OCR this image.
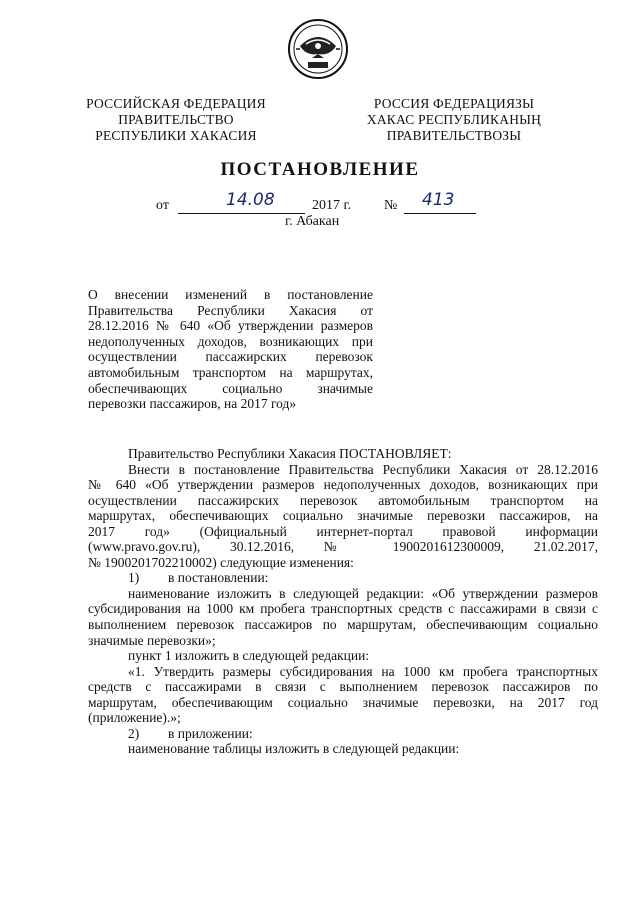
РОССИЙСКАЯ ФЕДЕРАЦИЯ
ПРАВИТЕЛЬСТВО
РЕСПУБЛИКИ ХАКАСИЯ
РОССИЯ ФЕДЕРАЦИЯЗЫ
ХАКАС РЕСПУБЛИКАНЫҢ
ПРАВИТЕЛЬСТВОЗЫ
ПОСТАНОВЛЕНИЕ
от	14.08	2017 г. № 413
г. Абакан
О внесении изменений в постановление
Правительства Республики Хакасия от
28.12.2016 № 640 «Об утверждении размеров
недополученных доходов, возникающих при
осуществлении пассажирских перевозок
автомобильным транспортом на маршрутах,
обеспечивающих социально значимые
перевозки пассажиров, на 2017 год»
Правительство Республики Хакасия ПОСТАНОВЛЯЕТ:
Внести в постановление Правительства Республики Хакасия от 28.12.2016
№ 640 «Об утверждении размеров недополученных доходов, возникающих при
осуществлении пассажирских перевозок автомобильным транспортом на
маршрутах, обеспечивающих социально значимые перевозки пассажиров, на
2017 год» (Официальный интернет-портал правовой информации
(www.pravo.gov.ru), 30.12.2016, № 1900201612300009, 21.02.2017,
№ 1900201702210002) следующие изменения:
1) в постановлении:
наименование изложить в следующей редакции: «Об утверждении размеров
субсидирования на 1000 км пробега транспортных средств с пассажирами в связи с
выполнением перевозок пассажиров по маршрутам, обеспечивающим социально
значимые перевозки»;
пункт 1 изложить в следующей редакции:
«1. Утвердить размеры субсидирования на 1000 км пробега транспортных
средств с пассажирами в связи с выполнением перевозок пассажиров по
маршрутам, обеспечивающим социально значимые перевозки, на 2017 год
(приложение).»;
2) в приложении:
наименование таблицы изложить в следующей редакции:
